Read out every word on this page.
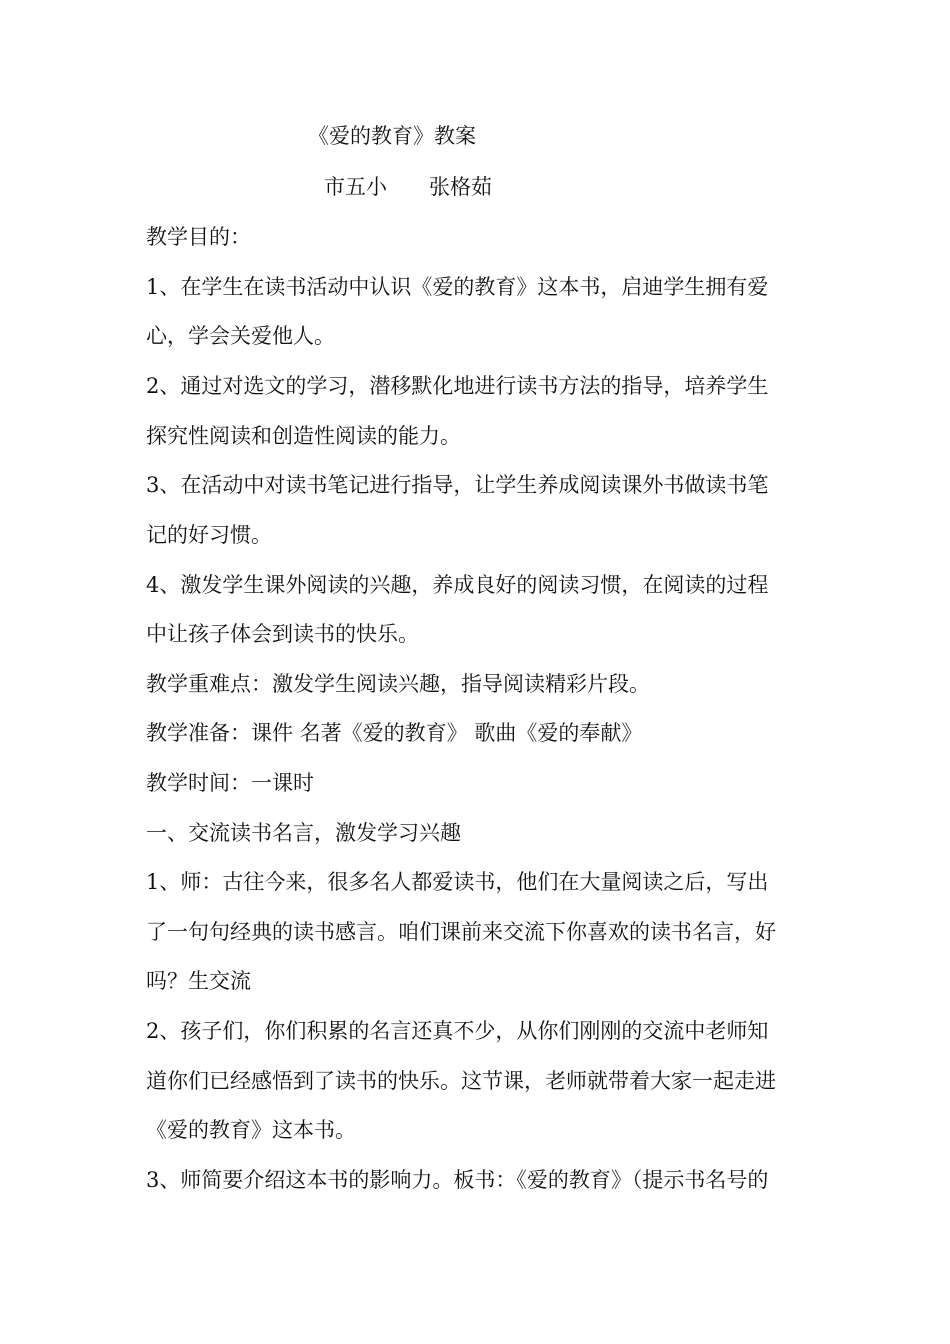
《爱的教育》教案
市五小　　张格茹
教学目的：
1、在学生在读书活动中认识《爱的教育》这本书，启迪学生拥有爱
心，学会关爱他人。
2、通过对选文的学习，潜移默化地进行读书方法的指导，培养学生
探究性阅读和创造性阅读的能力。
3、在活动中对读书笔记进行指导，让学生养成阅读课外书做读书笔
记的好习惯。
4、激发学生课外阅读的兴趣，养成良好的阅读习惯，在阅读的过程
中让孩子体会到读书的快乐。
教学重难点：激发学生阅读兴趣，指导阅读精彩片段。
教学准备：课件 名著《爱的教育》 歌曲《爱的奉献》
教学时间：一课时
一、交流读书名言，激发学习兴趣
1、师：古往今来，很多名人都爱读书，他们在大量阅读之后，写出
了一句句经典的读书感言。咱们课前来交流下你喜欢的读书名言，好
吗？生交流
2、孩子们，你们积累的名言还真不少，从你们刚刚的交流中老师知
道你们已经感悟到了读书的快乐。这节课，老师就带着大家一起走进
《爱的教育》这本书。
3、师简要介绍这本书的影响力。板书：《爱的教育》（提示书名号的
